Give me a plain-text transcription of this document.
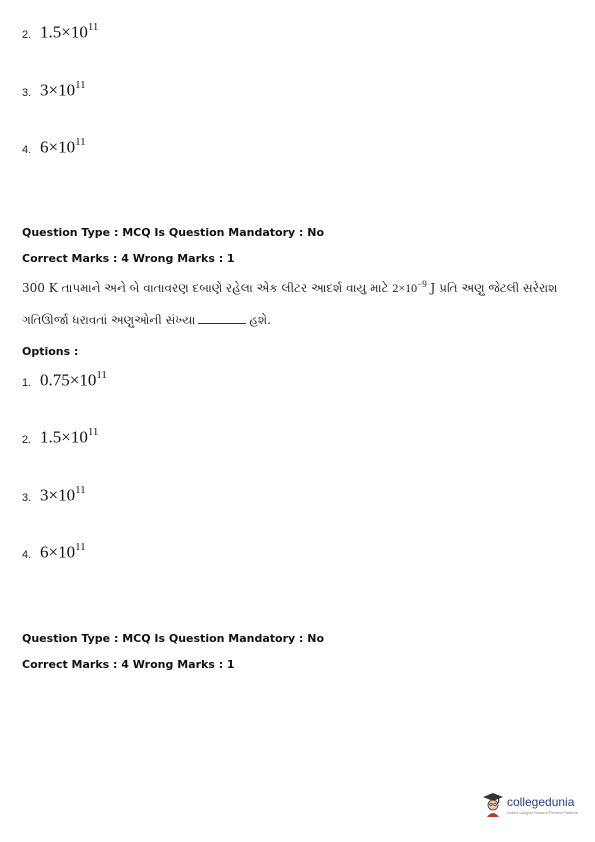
2. $1.5\times 10^{11}$
3. $3\times 10^{11}$
4. $6\times 10^{11}$
Question Type : MCQ Is Question Mandatory : No
Correct Marks : 4 Wrong Marks : 1
300 K તાપમાને અને બે વાતાવરણ દબાણે રહેલા એક લીટર આદર્શ વાયુ માટે $2\times 10^{-9}$ J પ્રતિ અણુ જેટલી સરેરાશ
ગતિઊર્જા ધરાવતાં અણુઓની સંખ્યા	હશે.
Options :
1. $0.75\times 10^{11}$
2. $1.5\times 10^{11}$
3. $3\times 10^{11}$
4. $6\times 10^{11}$
Question Type : MCQ Is Question Mandatory : No
Correct Marks : 4 Wrong Marks : 1
collegedunia
India's Largest Student Review Platform
